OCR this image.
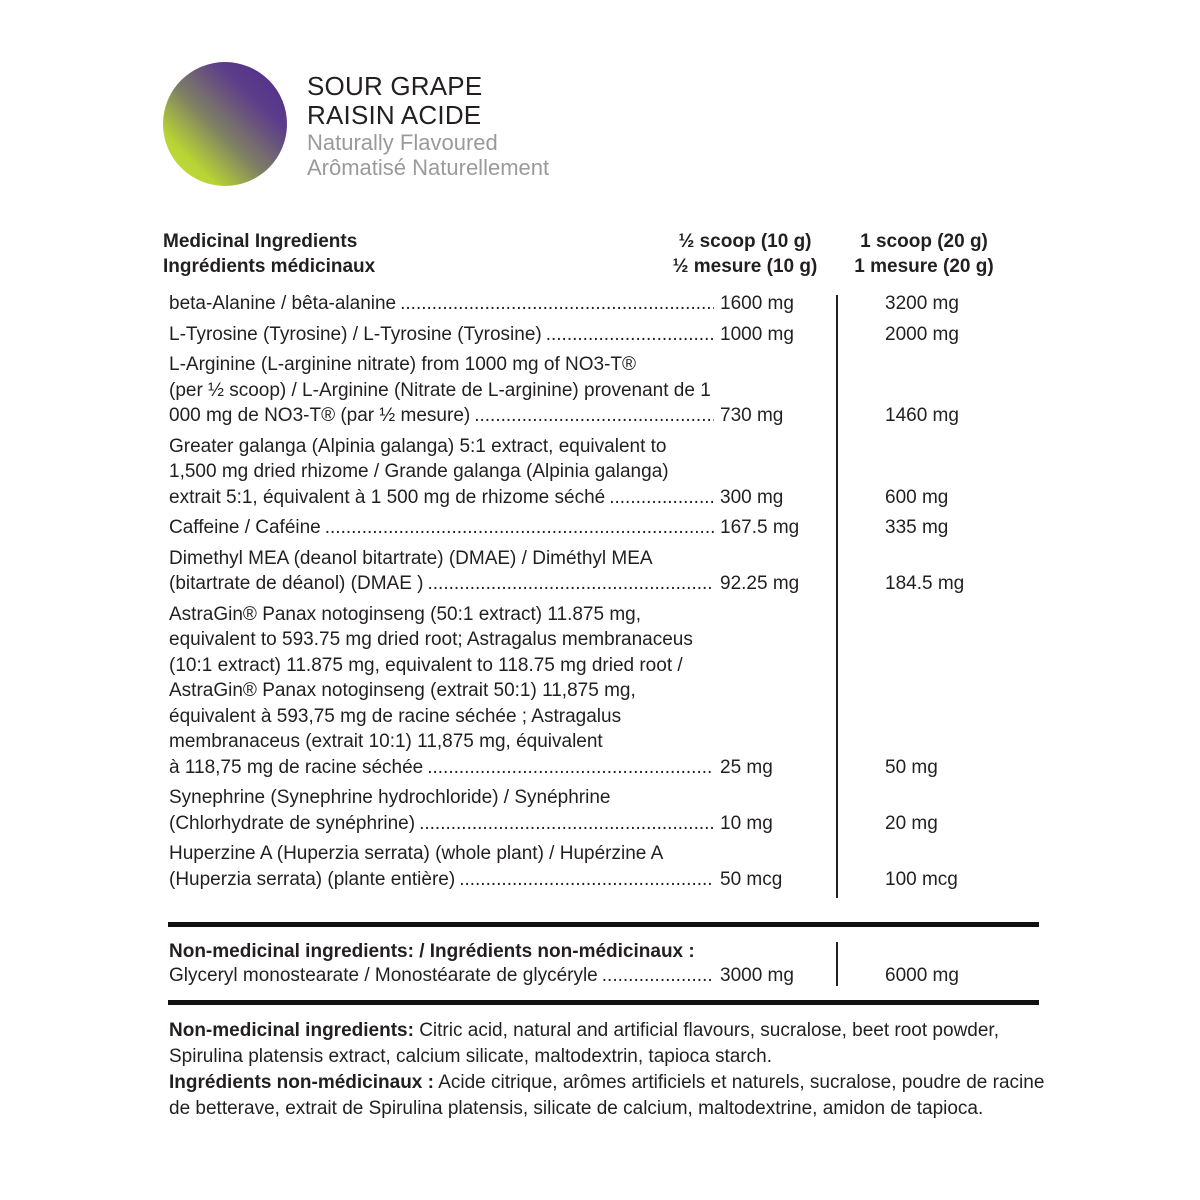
SOUR GRAPE
RAISIN ACIDE
Naturally Flavoured
Arômatisé Naturellement
Medicinal Ingredients
Ingrédients médicinaux
½ scoop (10 g)
½ mesure (10 g)
1 scoop (20 g)
1 mesure (20 g)
beta-Alanine / bêta-alanine .....	1600 mg	3200 mg
L-Tyrosine (Tyrosine) / L-Tyrosine (Tyrosine) .....	1000 mg	2000 mg
L-Arginine (L-arginine nitrate) from 1000 mg of NO3-T®
(per ½ scoop) / L-Arginine (Nitrate de L-arginine) provenant de 1
000 mg de NO3-T® (par ½ mesure) .....	730 mg	1460 mg
Greater galanga (Alpinia galanga) 5:1 extract, equivalent to
1,500 mg dried rhizome / Grande galanga (Alpinia galanga)
extrait 5:1, équivalent à 1 500 mg de rhizome séché .....	300 mg	600 mg
Caffeine / Caféine .....	167.5 mg	335 mg
Dimethyl MEA (deanol bitartrate) (DMAE) / Diméthyl MEA
(bitartrate de déanol) (DMAE ) .....	92.25 mg	184.5 mg
AstraGin® Panax notoginseng (50:1 extract) 11.875 mg,
equivalent to 593.75 mg dried root; Astragalus membranaceus
(10:1 extract) 11.875 mg, equivalent to 118.75 mg dried root /
AstraGin® Panax notoginseng (extrait 50:1) 11,875 mg,
équivalent à 593,75 mg de racine séchée ; Astragalus
membranaceus (extrait 10:1) 11,875 mg, équivalent
à 118,75 mg de racine séchée .....	25 mg	50 mg
Synephrine (Synephrine hydrochloride) / Synéphrine
(Chlorhydrate de synéphrine) .....	10 mg	20 mg
Huperzine A (Huperzia serrata) (whole plant) / Hupérzine A
(Huperzia serrata) (plante entière) .....	50 mcg	100 mcg
Non-medicinal ingredients: / Ingrédients non-médicinaux :
Glyceryl monostearate / Monostéarate de glycéryle .....	3000 mg	6000 mg
Non-medicinal ingredients: Citric acid, natural and artificial flavours, sucralose, beet root powder, Spirulina platensis extract, calcium silicate, maltodextrin, tapioca starch.
Ingrédients non-médicinaux : Acide citrique, arômes artificiels et naturels, sucralose, poudre de racine de betterave, extrait de Spirulina platensis, silicate de calcium, maltodextrine, amidon de tapioca.
